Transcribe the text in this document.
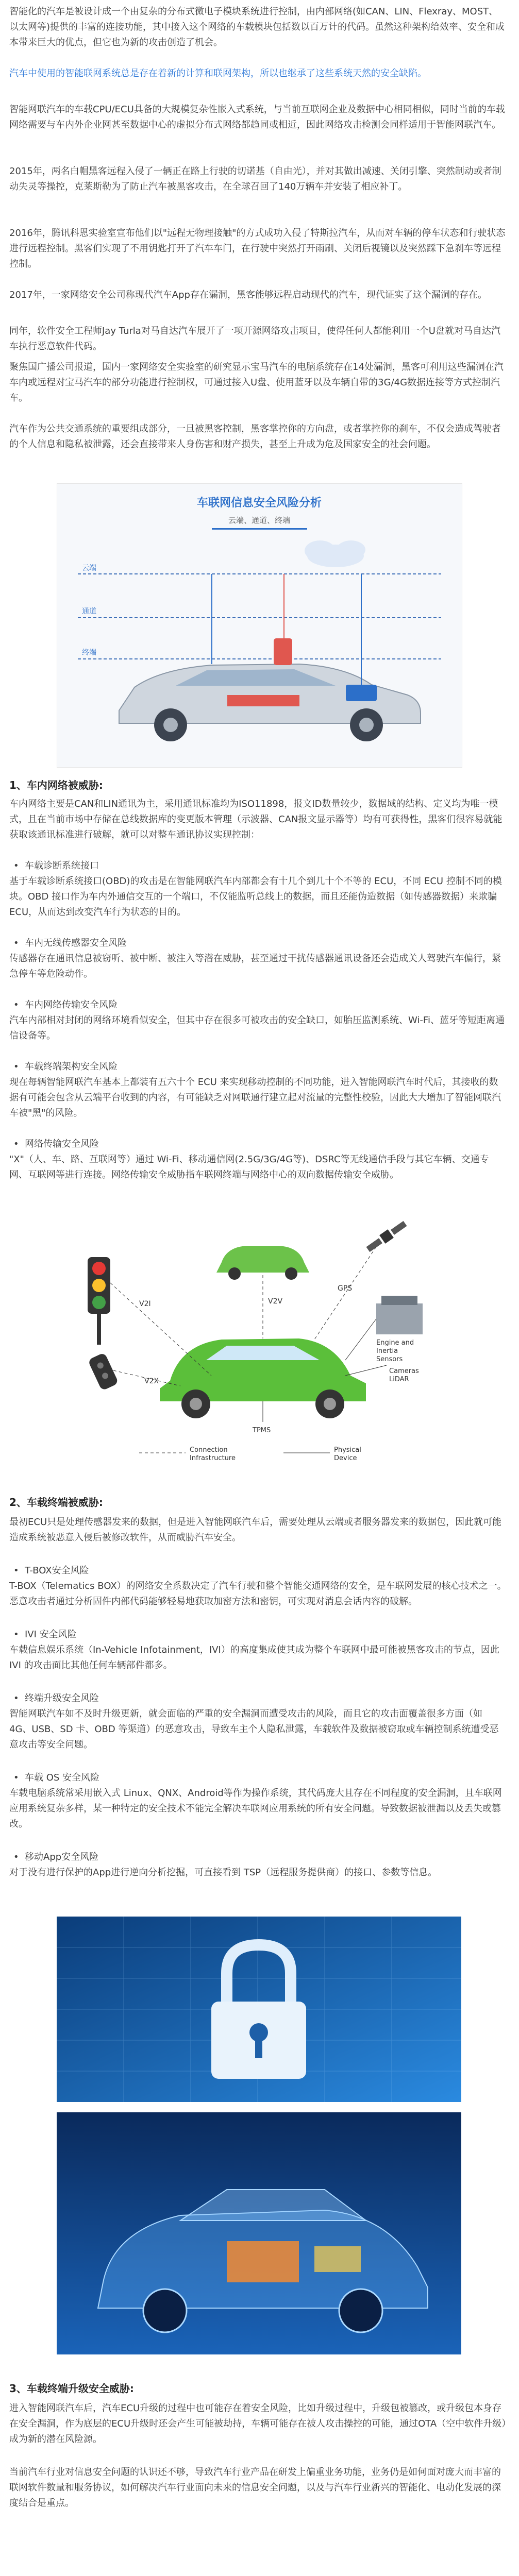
智能化的汽车是被设计成一个由复杂的分布式微电子模块系统进行控制，由内部网络(如CAN、LIN、Flexray、MOST、以太网等)提供的丰富的连接功能，其中接入这个网络的车载模块包括数以百万计的代码。虽然这种架构给效率、安全和成本带来巨大的优点，但它也为新的攻击创造了机会。

汽车中使用的智能联网系统总是存在着新的计算和联网架构，所以也继承了这些系统天然的安全缺陷。

智能网联汽车的车载CPU/ECU具备的大规模复杂性嵌入式系统，与当前互联网企业及数据中心相同相似，同时当前的车载网络需要与车内外企业网甚至数据中心的虚拟分布式网络都趋同或相近，因此网络攻击检测会同样适用于智能网联汽车。

2015年，两名白帽黑客远程入侵了一辆正在路上行驶的切诺基（自由光），并对其做出减速、关闭引擎、突然制动或者制动失灵等操控，克莱斯勒为了防止汽车被黑客攻击，在全球召回了140万辆车并安装了相应补丁。

2016年，腾讯科恩实验室宣布他们以"远程无物理接触"的方式成功入侵了特斯拉汽车，从而对车辆的停车状态和行驶状态进行远程控制。黑客们实现了不用钥匙打开了汽车车门，在行驶中突然打开雨刷、关闭后视镜以及突然踩下急刹车等远程控制。

2017年，一家网络安全公司称现代汽车App存在漏洞，黑客能够远程启动现代的汽车，现代证实了这个漏洞的存在。

同年，软件安全工程师Jay Turla对马自达汽车展开了一项开源网络攻击项目，使得任何人都能利用一个U盘就对马自达汽车执行恶意软件代码。

聚焦国广播公司报道，国内一家网络安全实验室的研究显示宝马汽车的电脑系统存在14处漏洞，黑客可利用这些漏洞在汽车内或远程对宝马汽车的部分功能进行控制权，可通过接入U盘、使用蓝牙以及车辆自带的3G/4G数据连接等方式控制汽车。

汽车作为公共交通系统的重要组成部分，一旦被黑客控制，黑客掌控你的方向盘，或者掌控你的刹车，不仅会造成驾驶者的个人信息和隐私被泄露，还会直接带来人身伤害和财产损失，甚至上升成为危及国家安全的社会问题。

车联网信息安全风险分析
云端、通道、终端
云端
通道
终端
1、车内网络被威胁:

车内网络主要是CAN和LIN通讯为主，采用通讯标准均为ISO11898，报文ID数量较少，数据域的结构、定义均为唯一模式，且在当前市场中存储在总线数据库的变更版本管理（示波器、CAN报文显示器等）均有可获得性，黑客们很容易就能获取该通讯标准进行破解，就可以对整车通讯协议实现控制：

• 车载诊断系统接口

基于车载诊断系统接口(OBD)的攻击是在智能网联汽车内部都会有十几个到几十个不等的 ECU，不同 ECU 控制不同的模块。OBD 接口作为车内外通信交互的一个端口，不仅能监听总线上的数据，而且还能伪造数据（如传感器数据）来欺骗 ECU，从而达到改变汽车行为状态的目的。

• 车内无线传感器安全风险

传感器存在通讯信息被窃听、被中断、被注入等潜在威胁，甚至通过干扰传感器通讯设备还会造成关人驾驶汽车偏行，紧急停车等危险动作。

• 车内网络传输安全风险

汽车内部相对封闭的网络环境看似安全，但其中存在很多可被攻击的安全缺口，如胎压监测系统、Wi-Fi、蓝牙等短距离通信设备等。

• 车载终端架构安全风险

现在每辆智能网联汽车基本上都装有五六十个 ECU 来实现移动控制的不同功能，进入智能网联汽车时代后，其接收的数据有可能会包含从云端平台收到的内容，有可能缺乏对网联通行建立起对流量的完整性校验，因此大大增加了智能网联汽车被"黑"的风险。

• 网络传输安全风险

"X"（人、车、路、互联网等）通过 Wi-Fi、移动通信网(2.5G/3G/4G等)、DSRC等无线通信手段与其它车辆、交通专网、互联网等进行连接。网络传输安全威胁指车联网终端与网络中心的双向数据传输安全威胁。

V2I	V2V
V2X
GPS
Engine and
Inertia
Sensors
Cameras
LiDAR
TPMS
Connection
Infrastructure
Physical
Device
2、车载终端被威胁:

最初ECU只是处理传感器发来的数据，但是进入智能网联汽车后，需要处理从云端或者服务器发来的数据包，因此就可能造成系统被恶意入侵后被修改软件，从而威胁汽车安全。

• T-BOX安全风险

T-BOX（Telematics BOX）的网络安全系数决定了汽车行驶和整个智能交通网络的安全，是车联网发展的核心技术之一。恶意攻击者通过分析固件内部代码能够轻易地获取加密方法和密钥，可实现对消息会话内容的破解。

• IVI 安全风险

车载信息娱乐系统（In-Vehicle Infotainment，IVI）的高度集成使其成为整个车联网中最可能被黑客攻击的节点，因此 IVI 的攻击面比其他任何车辆部件都多。

• 终端升级安全风险

智能网联汽车如不及时升级更新，就会面临的严重的安全漏洞而遭受攻击的风险，而且它的攻击面覆盖很多方面（如 4G、USB、SD 卡、OBD 等渠道）的恶意攻击，导致车主个人隐私泄露，车载软件及数据被窃取或车辆控制系统遭受恶意攻击等安全问题。

• 车载 OS 安全风险

车载电脑系统常采用嵌入式 Linux、QNX、Android等作为操作系统，其代码庞大且存在不同程度的安全漏洞，且车联网应用系统复杂多样，某一种特定的安全技术不能完全解决车联网应用系统的所有安全问题。导致数据被泄漏以及丢失或篡改。

• 移动App安全风险

对于没有进行保护的App进行逆向分析挖掘，可直接看到 TSP（远程服务提供商）的接口、参数等信息。

3、车载终端升级安全威胁:

进入智能网联汽车后，汽车ECU升级的过程中也可能存在着安全风险，比如升级过程中，升级包被篡改，或升级包本身存在安全漏洞，作为底层的ECU升级时还会产生可能被劫持，车辆可能存在被人攻击操控的可能，通过OTA（空中软件升级）成为新的潜在风险源。

当前汽车行业对信息安全问题的认识还不够，导致汽车行业产品在研发上偏重业务功能，业务仍是如何面对庞大而丰富的联网软件数量和服务协议，如何解决汽车行业面向未来的信息安全问题，以及与汽车行业新兴的智能化、电动化发展的深度结合是重点。
